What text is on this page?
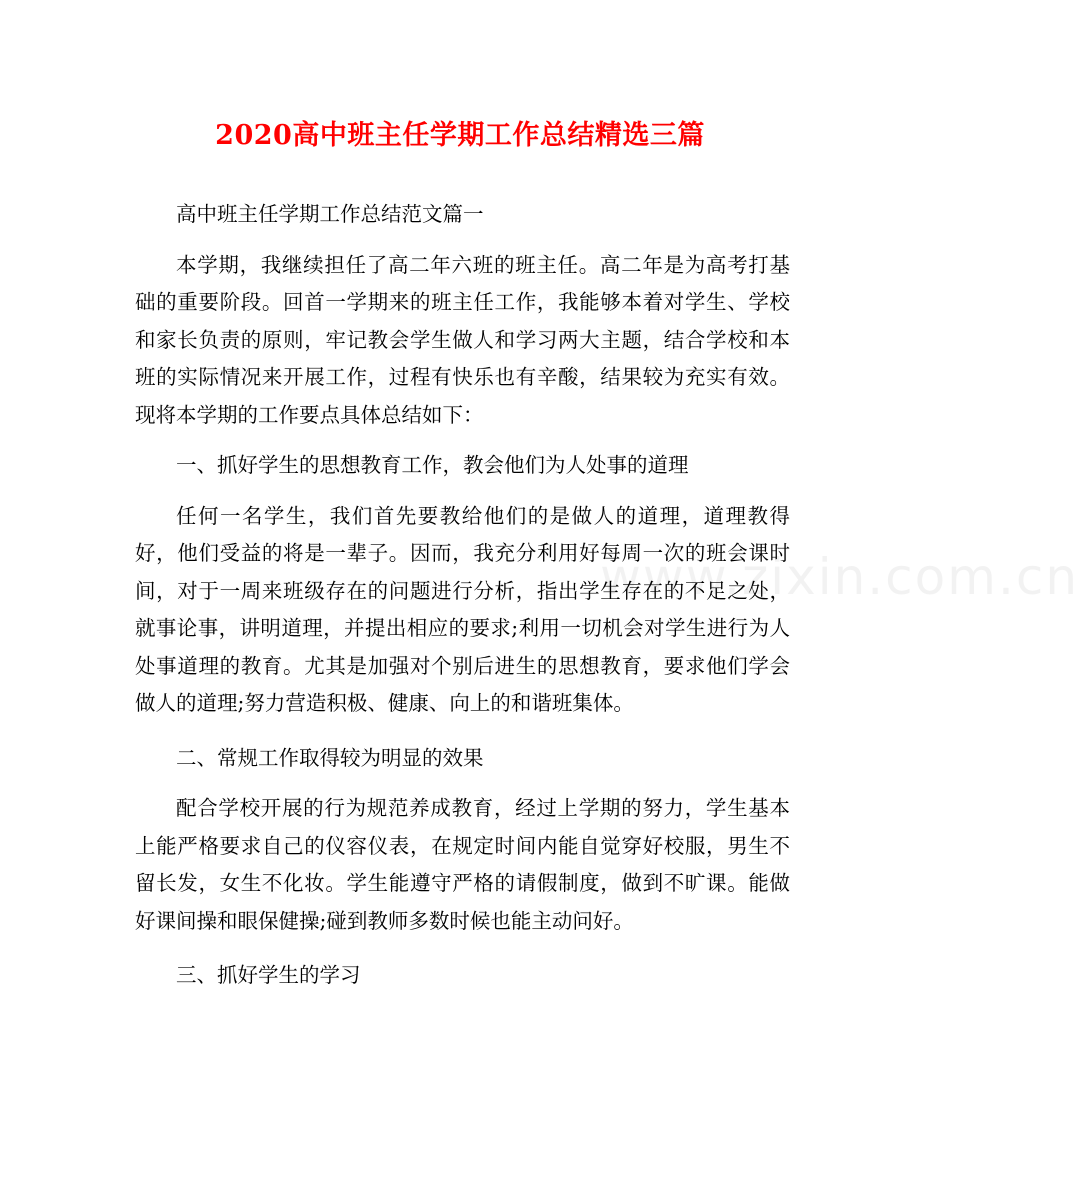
2020高中班主任学期工作总结精选三篇

高中班主任学期工作总结范文篇一

本学期，我继续担任了高二年六班的班主任。高二年是为高考打基础的重要阶段。回首一学期来的班主任工作，我能够本着对学生、学校和家长负责的原则，牢记教会学生做人和学习两大主题，结合学校和本班的实际情况来开展工作，过程有快乐也有辛酸，结果较为充实有效。现将本学期的工作要点具体总结如下：

一、抓好学生的思想教育工作，教会他们为人处事的道理

任何一名学生，我们首先要教给他们的是做人的道理，道理教得好，他们受益的将是一辈子。因而，我充分利用好每周一次的班会课时间，对于一周来班级存在的问题进行分析，指出学生存在的不足之处，就事论事，讲明道理，并提出相应的要求;利用一切机会对学生进行为人处事道理的教育。尤其是加强对个别后进生的思想教育，要求他们学会做人的道理;努力营造积极、健康、向上的和谐班集体。

二、常规工作取得较为明显的效果

配合学校开展的行为规范养成教育，经过上学期的努力，学生基本上能严格要求自己的仪容仪表，在规定时间内能自觉穿好校服，男生不留长发，女生不化妆。学生能遵守严格的请假制度，做到不旷课。能做好课间操和眼保健操;碰到教师多数时候也能主动问好。

三、抓好学生的学习

www.zixin.com.cn
